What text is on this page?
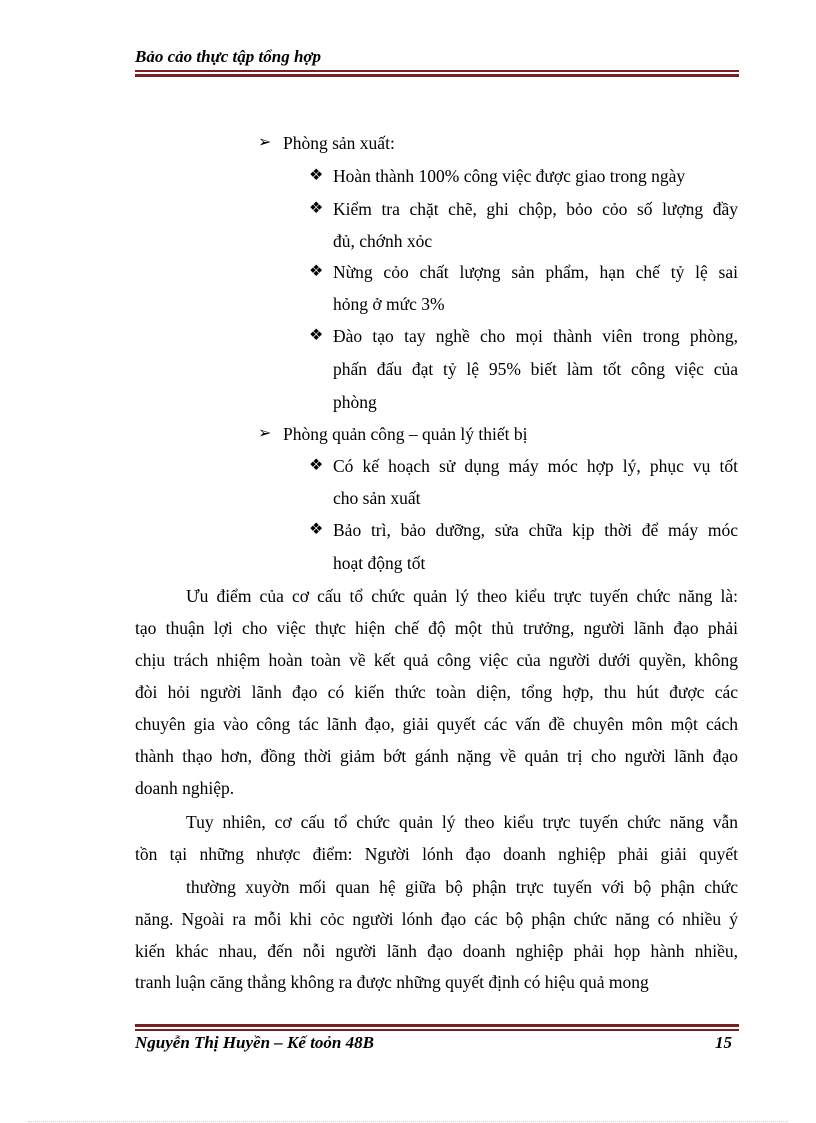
Bảo cảo thực tập tổng hợp
➢ Phòng sản xuất:
❖ Hoàn thành 100% công việc được giao trong ngày
❖ Kiểm tra chặt chẽ, ghi chộp, bỏo cỏo số lượng đầy
đủ, chớnh xỏc
❖ Nừng cỏo chất lượng sản phẩm, hạn chế tỷ lệ sai
hỏng ở mức 3%
❖ Đào tạo tay nghề cho mọi thành viên trong phòng,
phấn đấu đạt tỷ lệ 95% biết làm tốt công việc của
phòng
➢ Phòng quản công – quản lý thiết bị
❖ Có kế hoạch sử dụng máy móc hợp lý, phục vụ tốt
cho sản xuất
❖ Bảo trì, bảo dưỡng, sửa chữa kịp thời để máy móc
hoạt động tốt
Ưu điểm của cơ cấu tổ chức quản lý theo kiểu trực tuyến chức năng là:
tạo thuận lợi cho việc thực hiện chế độ một thủ trưởng, người lãnh đạo phải
chịu trách nhiệm hoàn toàn về kết quả công việc của người dưới quyền, không
đòi hỏi người lãnh đạo có kiến thức toàn diện, tổng hợp, thu hút được các
chuyên gia vào công tác lãnh đạo, giải quyết các vấn đề chuyên môn một cách
thành thạo hơn, đồng thời giảm bớt gánh nặng về quản trị cho người lãnh đạo
doanh nghiệp.
Tuy nhiên, cơ cấu tổ chức quản lý theo kiểu trực tuyến chức năng vẫn
tồn tại những nhược điểm: Người lónh đạo doanh nghiệp phải giải quyết
thường xuyờn mối quan hệ giữa bộ phận trực tuyến với bộ phận chức
năng. Ngoài ra mỗi khi cỏc người lónh đạo các bộ phận chức năng có nhiều ý
kiến khác nhau, đến nỗi người lãnh đạo doanh nghiệp phải họp hành nhiều,
tranh luận căng thẳng không ra được những quyết định có hiệu quả mong
Nguyễn Thị Huyền – Kế toỏn 48B	15
